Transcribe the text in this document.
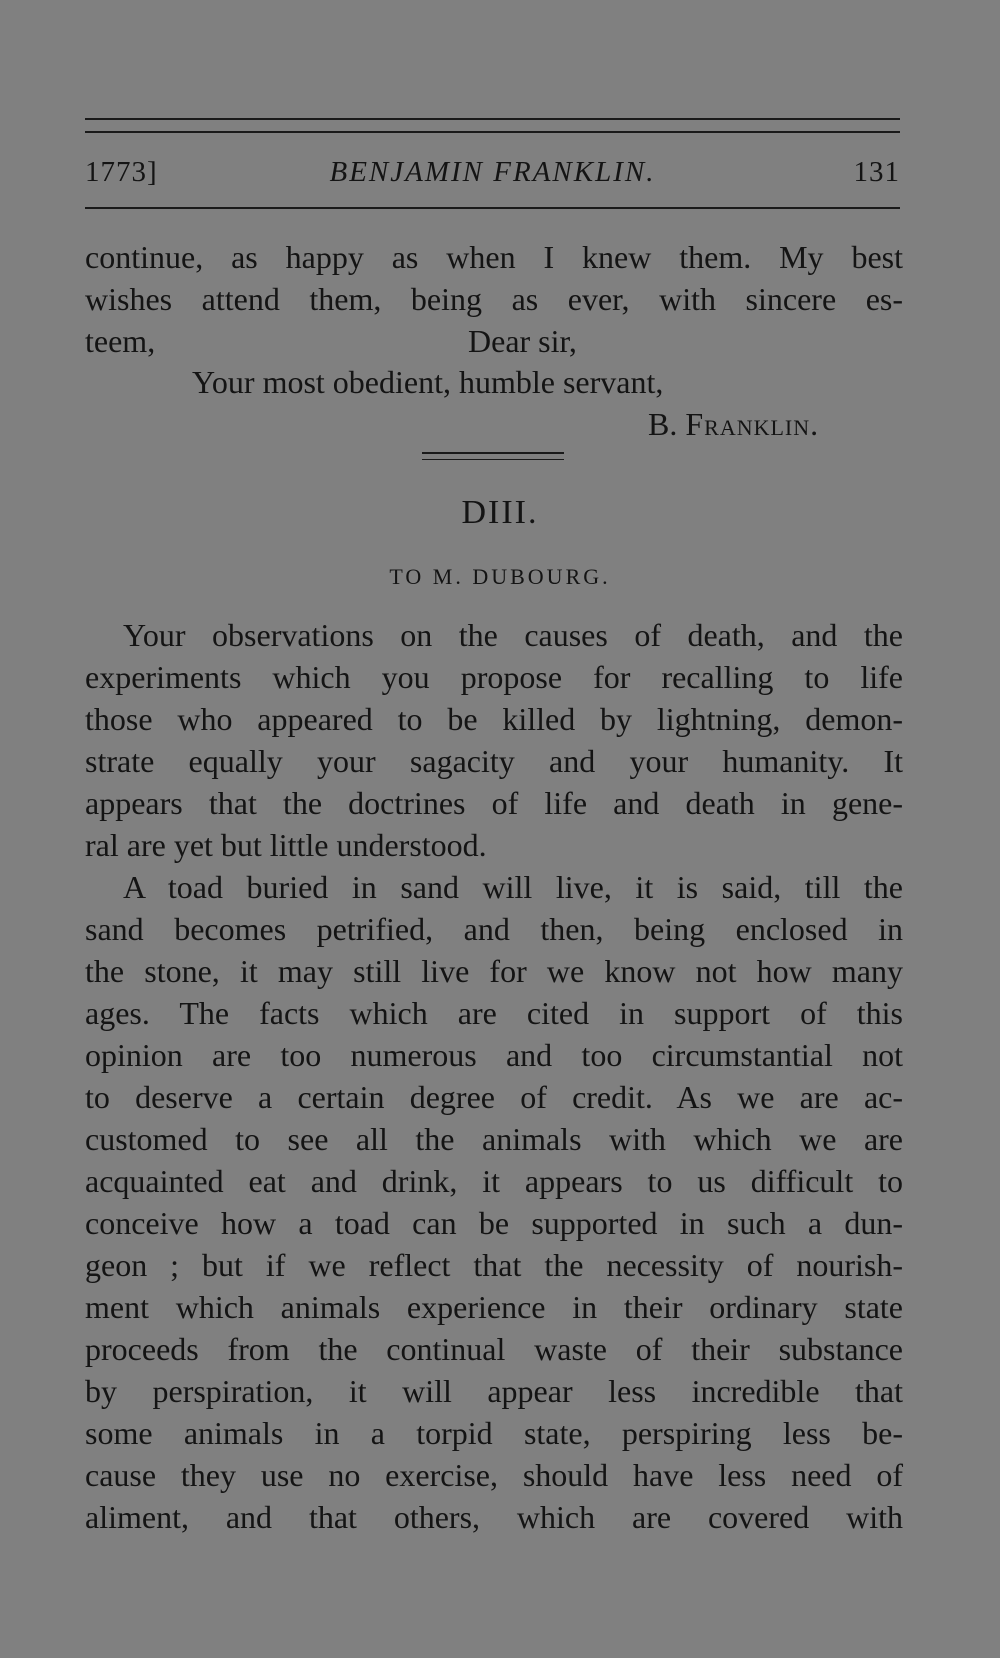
1773]	BENJAMIN FRANKLIN.	131
continue, as happy as when I knew them. My best
wishes attend them, being as ever, with sincere es-
teem,	Dear sir,
Your most obedient, humble servant,
B. Franklin.
DIII.
TO M. DUBOURG.
Your observations on the causes of death, and the
experiments which you propose for recalling to life
those who appeared to be killed by lightning, demon-
strate equally your sagacity and your humanity. It
appears that the doctrines of life and death in gene-
ral are yet but little understood.
A toad buried in sand will live, it is said, till the
sand becomes petrified, and then, being enclosed in
the stone, it may still live for we know not how many
ages. The facts which are cited in support of this
opinion are too numerous and too circumstantial not
to deserve a certain degree of credit. As we are ac-
customed to see all the animals with which we are
acquainted eat and drink, it appears to us difficult to
conceive how a toad can be supported in such a dun-
geon ; but if we reflect that the necessity of nourish-
ment which animals experience in their ordinary state
proceeds from the continual waste of their substance
by perspiration, it will appear less incredible that
some animals in a torpid state, perspiring less be-
cause they use no exercise, should have less need of
aliment, and that others, which are covered with
